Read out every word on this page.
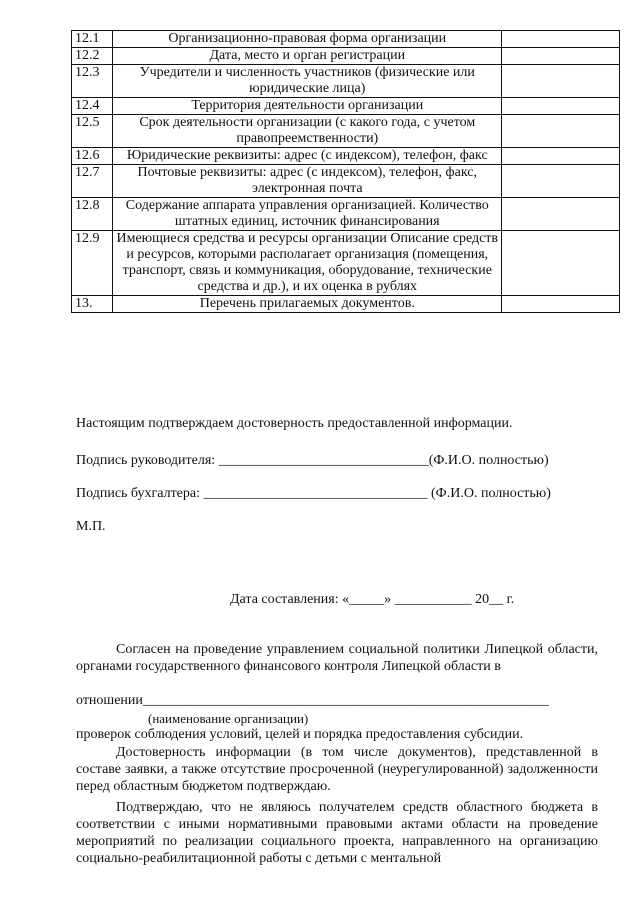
12.1	Организационно-правовая форма организации	
12.2	Дата, место и орган регистрации	
12.3	Учредители и численность участников (физические или юридические лица)	
12.4	Территория деятельности организации	
12.5	Срок деятельности организации (с какого года, с учетом правопреемственности)	
12.6	Юридические реквизиты: адрес (с индексом), телефон, факс	
12.7	Почтовые реквизиты: адрес (с индексом), телефон, факс, электронная почта	
12.8	Содержание аппарата управления организацией. Количество штатных единиц, источник финансирования	
12.9	Имеющиеся средства и ресурсы организации Описание средств и ресурсов, которыми располагает организация (помещения, транспорт, связь и коммуникация, оборудование, технические средства и др.), и их оценка в рублях	
13.	Перечень прилагаемых документов.	
Настоящим подтверждаем достоверность предоставленной информации.
Подпись руководителя: ______________________________(Ф.И.О. полностью)
Подпись бухгалтера: ________________________________ (Ф.И.О. полностью)
М.П.
Дата составления: «_____» ___________ 20__ г.
Согласен на проведение управлением социальной политики Липецкой области, органами государственного финансового контроля Липецкой области в
отношении__________________________________________________________
(наименование организации)
проверок соблюдения условий, целей и порядка предоставления субсидии.
Достоверность информации (в том числе документов), представленной в составе заявки, а также отсутствие просроченной (неурегулированной) задолженности перед областным бюджетом подтверждаю.
Подтверждаю, что не являюсь получателем средств областного бюджета в соответствии с иными нормативными правовыми актами области на проведение мероприятий по реализации социального проекта, направленного на организацию социально-реабилитационной работы с детьми с ментальной
